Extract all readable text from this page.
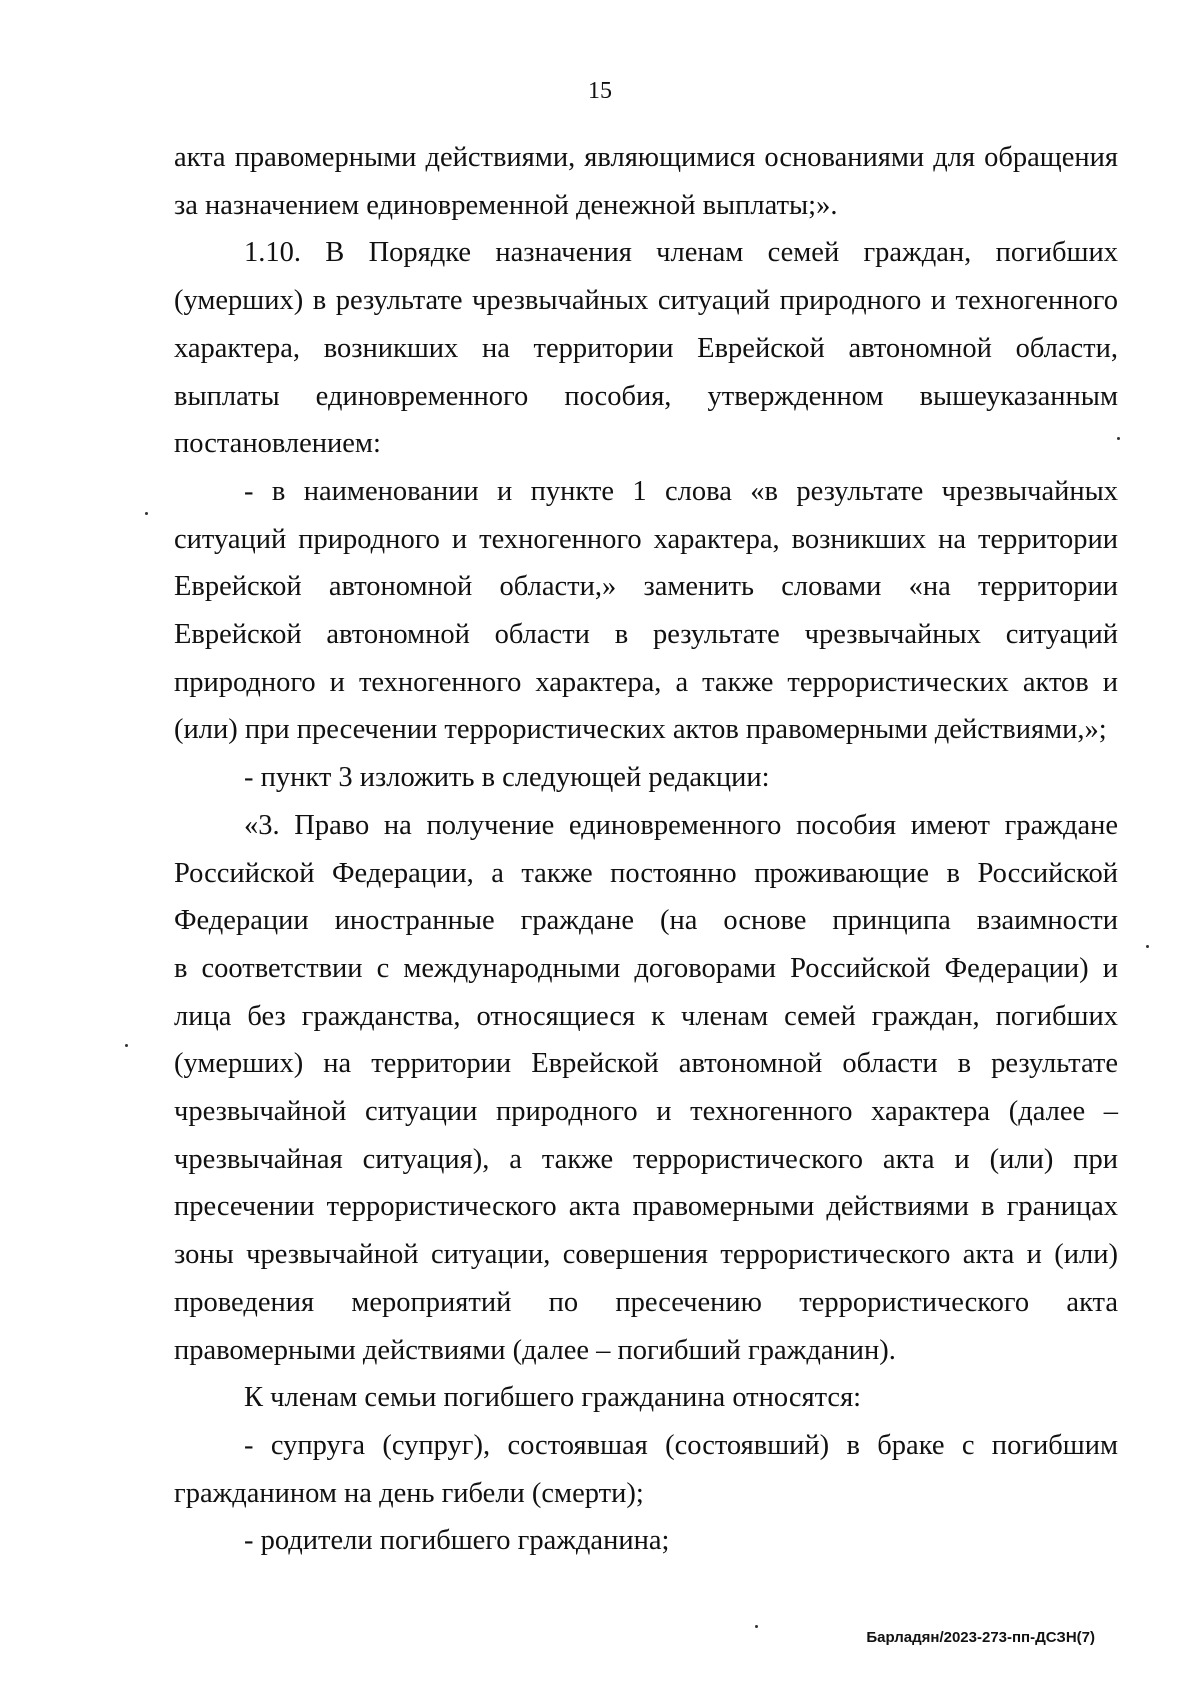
15

акта правомерными действиями, являющимися основаниями для обращения

за назначением единовременной денежной выплаты;».

1.10. В Порядке назначения членам семей граждан, погибших

(умерших) в результате чрезвычайных ситуаций природного и техногенного

характера, возникших на территории Еврейской автономной области,

выплаты единовременного пособия, утвержденном вышеуказанным

постановлением:

- в наименовании и пункте 1 слова «в результате чрезвычайных

ситуаций природного и техногенного характера, возникших на территории

Еврейской автономной области,» заменить словами «на территории

Еврейской автономной области в результате чрезвычайных ситуаций

природного и техногенного характера, а также террористических актов и

(или) при пресечении террористических актов правомерными действиями,»;

- пункт 3 изложить в следующей редакции:

«3. Право на получение единовременного пособия имеют граждане

Российской Федерации, а также постоянно проживающие в Российской

Федерации иностранные граждане (на основе принципа взаимности

в соответствии с международными договорами Российской Федерации) и

лица без гражданства, относящиеся к членам семей граждан, погибших

(умерших) на территории Еврейской автономной области в результате

чрезвычайной ситуации природного и техногенного характера (далее –

чрезвычайная ситуация), а также террористического акта и (или) при

пресечении террористического акта правомерными действиями в границах

зоны чрезвычайной ситуации, совершения террористического акта и (или)

проведения мероприятий по пресечению террористического акта

правомерными действиями (далее – погибший гражданин).

К членам семьи погибшего гражданина относятся:

- супруга (супруг), состоявшая (состоявший) в браке с погибшим

гражданином на день гибели (смерти);

- родители погибшего гражданина;

Барладян/2023-273-пп-ДСЗН(7)
